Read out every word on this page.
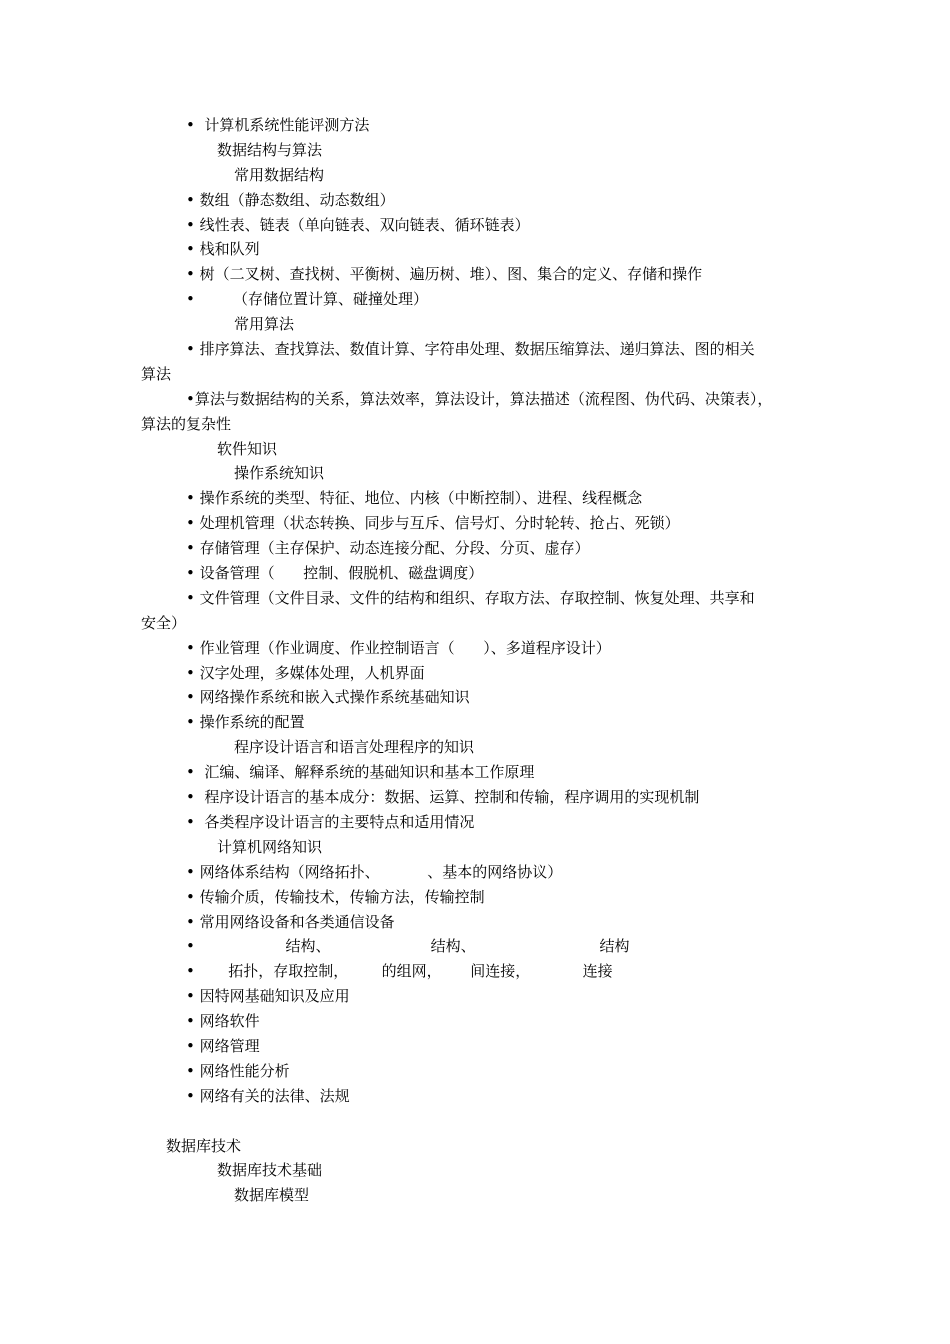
•  计算机系统性能评测方法
数据结构与算法
常用数据结构
• 数组（静态数组、动态数组）
• 线性表、链表（单向链表、双向链表、循环链表）
• 栈和队列
• 树（二叉树、查找树、平衡树、遍历树、堆）、图、集合的定义、存储和操作
•        （存储位置计算、碰撞处理）
常用算法
• 排序算法、查找算法、数值计算、字符串处理、数据压缩算法、递归算法、图的相关
算法
•算法与数据结构的关系，算法效率，算法设计，算法描述（流程图、伪代码、决策表），
算法的复杂性
软件知识
操作系统知识
• 操作系统的类型、特征、地位、内核（中断控制）、进程、线程概念
• 处理机管理（状态转换、同步与互斥、信号灯、分时轮转、抢占、死锁）
• 存储管理（主存保护、动态连接分配、分段、分页、虚存）
• 设备管理（      控制、假脱机、磁盘调度）
• 文件管理（文件目录、文件的结构和组织、存取方法、存取控制、恢复处理、共享和
安全）
• 作业管理（作业调度、作业控制语言（      ）、多道程序设计）
• 汉字处理，多媒体处理，人机界面
• 网络操作系统和嵌入式操作系统基础知识
• 操作系统的配置
程序设计语言和语言处理程序的知识
•  汇编、编译、解释系统的基础知识和基本工作原理
•  程序设计语言的基本成分：数据、运算、控制和传输，程序调用的实现机制
•  各类程序设计语言的主要特点和适用情况
计算机网络知识
• 网络体系结构（网络拓扑、          、基本的网络协议）
• 传输介质，传输技术，传输方法，传输控制
• 常用网络设备和各类通信设备
•                   结构、                     结构、                          结构
•       拓扑，存取控制，       的组网，      间连接，           连接
• 因特网基础知识及应用
• 网络软件
• 网络管理
• 网络性能分析
• 网络有关的法律、法规
数据库技术
数据库技术基础
数据库模型
